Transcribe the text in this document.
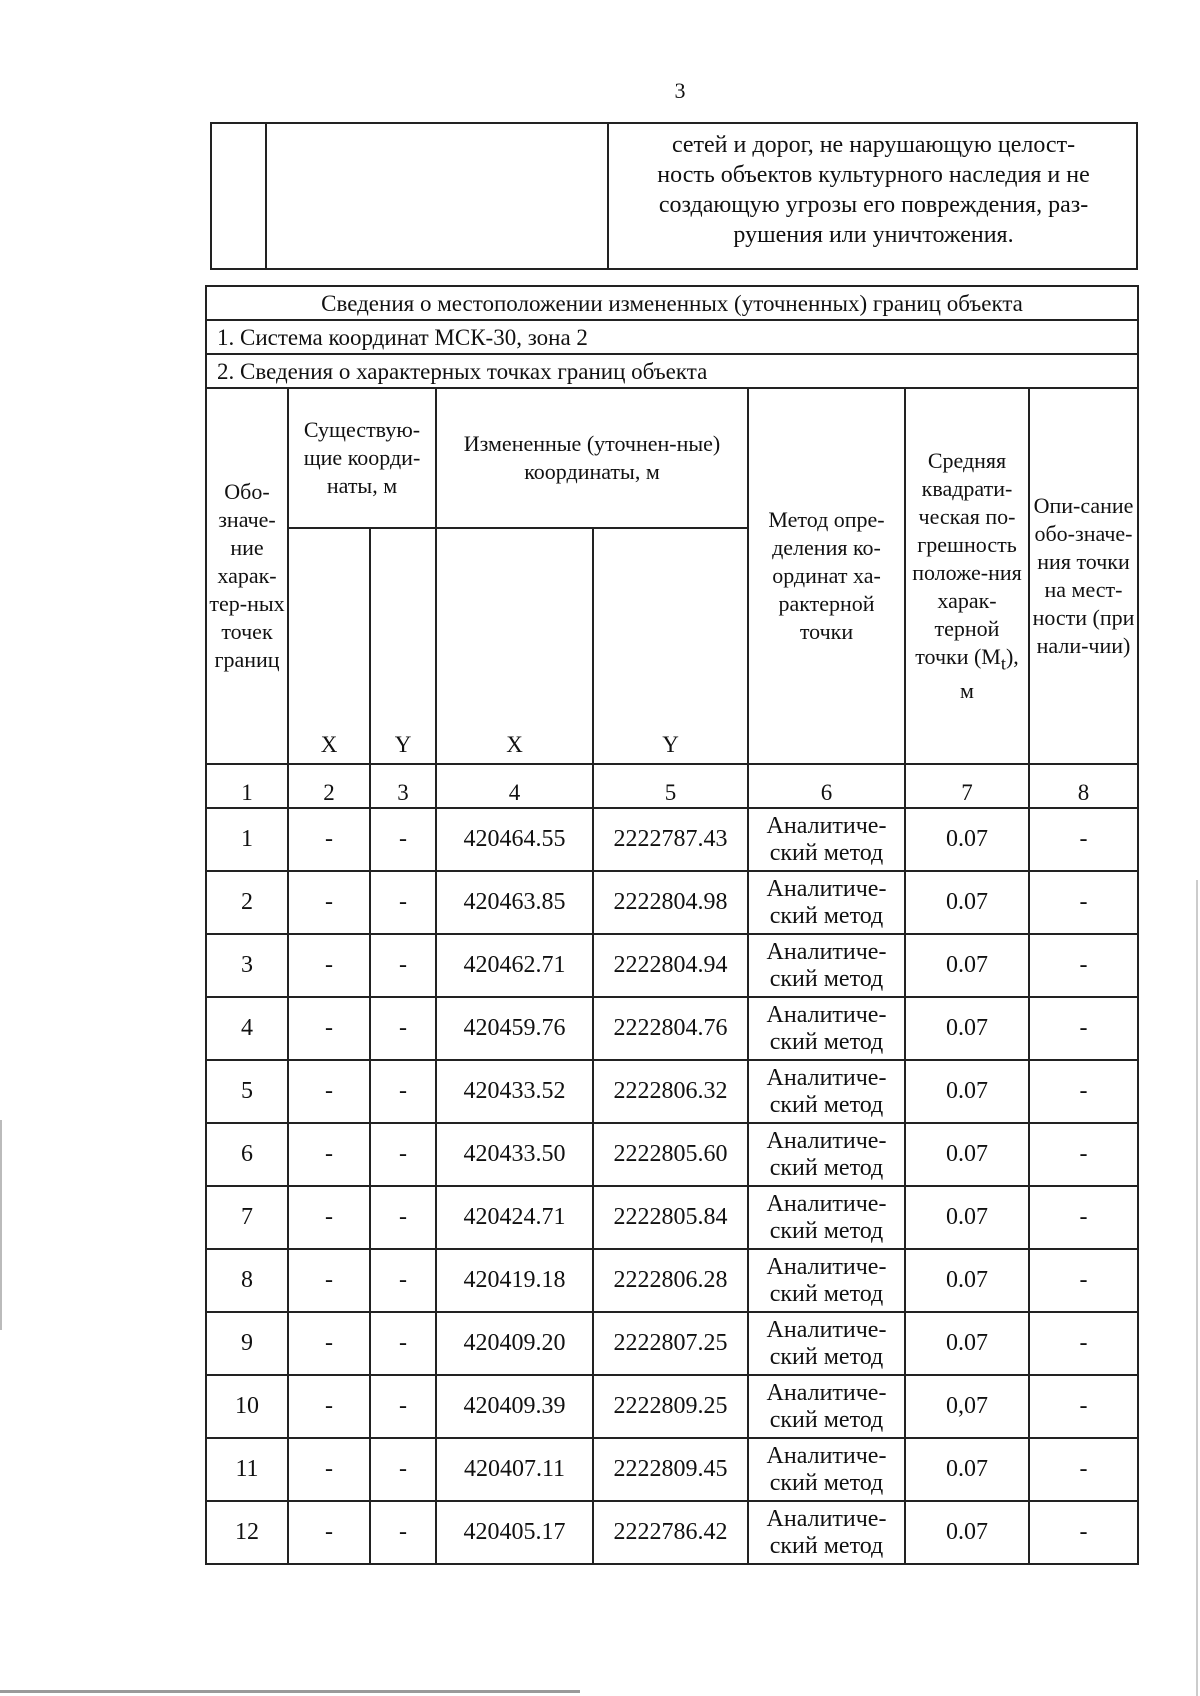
3

сетей и дорог, не нарушающую целост-
ность объектов культурного наследия и не
создающую угрозы его повреждения, раз-
рушения или уничтожения.
Сведения о местоположении измененных (уточненных) границ объекта							
1. Система координат МСК-30, зона 2							
2. Сведения о характерных точках границ объекта							
Обо-значе-ние харак-тер-ных точек границ	Существую-щие коорди-наты, м		Измененные (уточнен-ные) координаты, м		Метод опре-деления ко-ординат ха-рактерной точки	Средняя квадрати-ческая по-грешность положе-ния харак-терной точки $(M_t)$, м	Опи-сание обо-значе-ния точки на мест-ности (при нали-чии)
	X	Y	X	Y			
1	2	3	4	5	6	7	8
1	-	-	420464.55	2222787.43	Аналитиче-ский метод	0.07	-
2	-	-	420463.85	2222804.98	Аналитиче-ский метод	0.07	-
3	-	-	420462.71	2222804.94	Аналитиче-ский метод	0.07	-
4	-	-	420459.76	2222804.76	Аналитиче-ский метод	0.07	-
5	-	-	420433.52	2222806.32	Аналитиче-ский метод	0.07	-
6	-	-	420433.50	2222805.60	Аналитиче-ский метод	0.07	-
7	-	-	420424.71	2222805.84	Аналитиче-ский метод	0.07	-
8	-	-	420419.18	2222806.28	Аналитиче-ский метод	0.07	-
9	-	-	420409.20	2222807.25	Аналитиче-ский метод	0.07	-
10	-	-	420409.39	2222809.25	Аналитиче-ский метод	0,07	-
11	-	-	420407.11	2222809.45	Аналитиче-ский метод	0.07	-
12	-	-	420405.17	2222786.42	Аналитиче-ский метод	0.07	-
